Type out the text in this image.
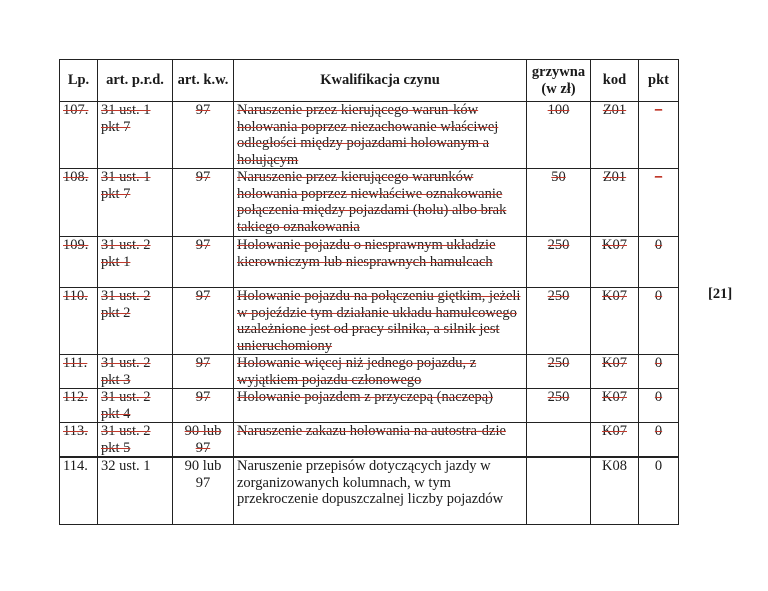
Lp.	art. p.r.d.	art. k.w.	Kwalifikacja czynu	grzywna (w zł)	kod	pkt
107.	31 ust. 1 pkt 7	97	Naruszenie przez kierującego warun-ków holowania poprzez niezachowanie właściwej odległości między pojazdami holowanym a holującym	100	Z01	–
108.	31 ust. 1 pkt 7	97	Naruszenie przez kierującego warunków holowania poprzez niewłaściwe oznakowanie połączenia między pojazdami (holu) albo brak takiego oznakowania	50	Z01	–
109.	31 ust. 2 pkt 1	97	Holowanie pojazdu o niesprawnym układzie kierowniczym lub niesprawnych hamulcach	250	K07	0
110.	31 ust. 2 pkt 2	97	Holowanie pojazdu na połączeniu giętkim, jeżeli w pojeździe tym działanie układu hamulcowego uzależnione jest od pracy silnika, a silnik jest unieruchomiony	250	K07	0
111.	31 ust. 2 pkt 3	97	Holowanie więcej niż jednego pojazdu, z wyjątkiem pojazdu członowego	250	K07	0
112.	31 ust. 2 pkt 4	97	Holowanie pojazdem z przyczepą (naczepą)	250	K07	0
113.	31 ust. 2 pkt 5	90 lub 97	Naruszenie zakazu holowania na autostra-dzie		K07	0
114.	32 ust. 1	90 lub 97	Naruszenie przepisów dotyczących jazdy w zorganizowanych kolumnach, w tym przekroczenie dopuszczalnej liczby pojazdów		K08	0
[21]
